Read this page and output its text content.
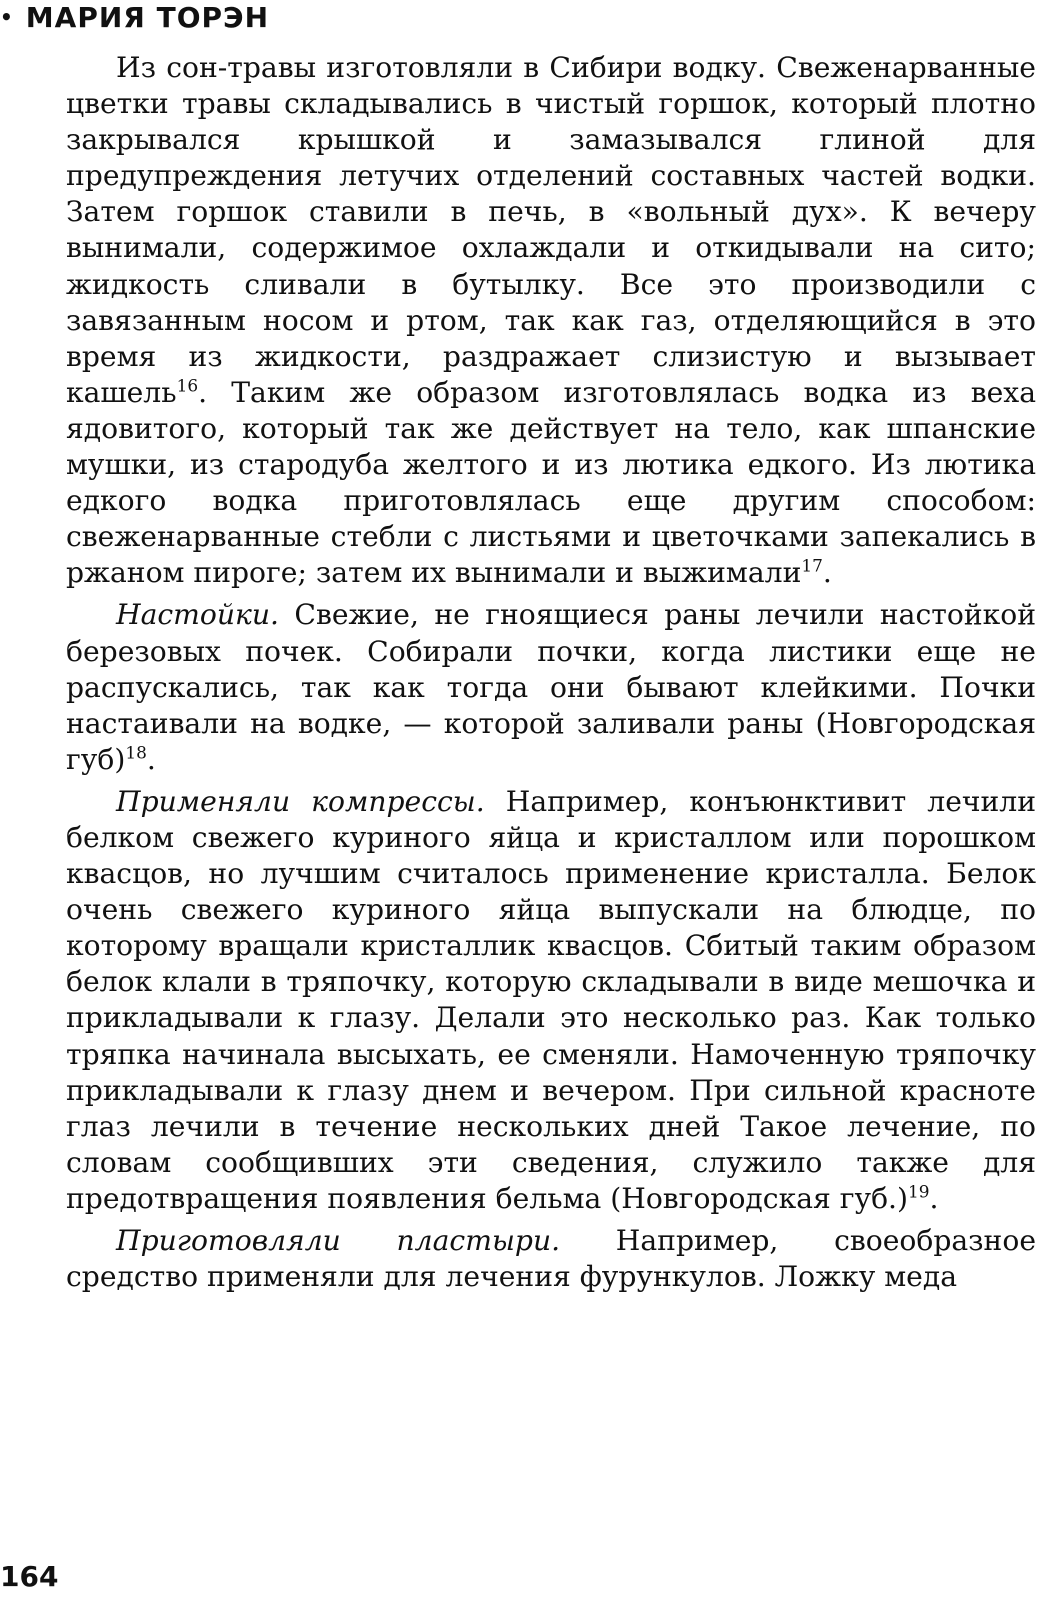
• МАРИЯ ТОРЭН

Из сон-травы изготовляли в Сибири водку. Свеженарванные цветки травы складывались в чистый горшок, который плотно закрывался крышкой и замазывался глиной для предупреждения летучих отделений составных частей водки. Затем горшок ставили в печь, в «вольный дух». К вечеру вынимали, содержимое охлаждали и откидывали на сито; жидкость сливали в бутылку. Все это производили с завязанным носом и ртом, так как газ, отделяющийся в это время из жидкости, раздражает слизистую и вызывает кашель$^{16}$. Таким же образом изготовлялась водка из веха ядовитого, который так же действует на тело, как шпанские мушки, из стародуба желтого и из лютика едкого. Из лютика едкого водка приготовлялась еще другим способом: свеженарванные стебли с листьями и цветочками запекались в ржаном пироге; затем их вынимали и выжимали$^{17}$.

Настойки. Свежие, не гноящиеся раны лечили настойкой березовых почек. Собирали почки, когда листики еще не распускались, так как тогда они бывают клейкими. Почки настаивали на водке, — которой заливали раны (Новгородская губ)$^{18}$.

Применяли компрессы. Например, конъюнктивит лечили белком свежего куриного яйца и кристаллом или порошком квасцов, но лучшим считалось применение кристалла. Белок очень свежего куриного яйца выпускали на блюдце, по которому вращали кристаллик квасцов. Сбитый таким образом белок клали в тряпочку, которую складывали в виде мешочка и прикладывали к глазу. Делали это несколько раз. Как только тряпка начинала высыхать, ее сменяли. Намоченную тряпочку прикладывали к глазу днем и вечером. При сильной красноте глаз лечили в течение нескольких дней Такое лечение, по словам сообщивших эти сведения, служило также для предотвращения появления бельма (Новгородская губ.)$^{19}$.

Приготовляли пластыри. Например, своеобразное средство применяли для лечения фурункулов. Ложку меда

164
